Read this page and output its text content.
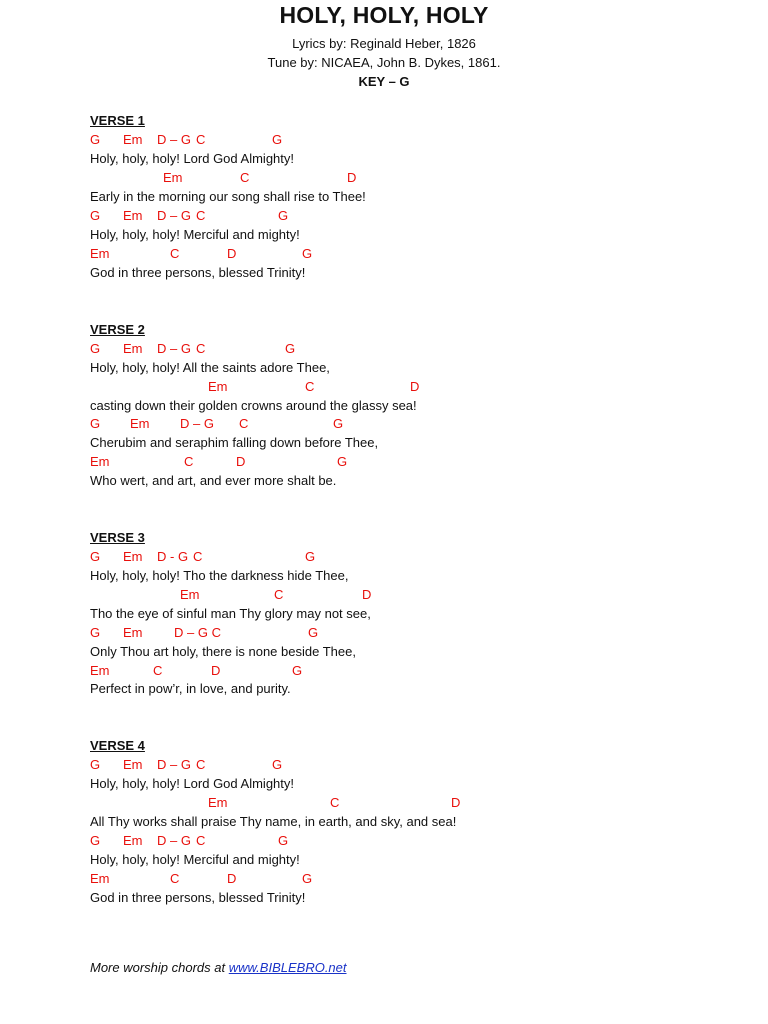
HOLY, HOLY, HOLY
Lyrics by: Reginald Heber, 1826
Tune by: NICAEA, John B. Dykes, 1861.
KEY – G
VERSE 1
G Em D – G C	G
Holy, holy, holy! Lord God Almighty!
Em	C	D
Early in the morning our song shall rise to Thee!
G Em D – G C	G
Holy, holy, holy! Merciful and mighty!
Em	C	D	G
God in three persons, blessed Trinity!
VERSE 2
G Em D – G C	G
Holy, holy, holy! All the saints adore Thee,
Em	C	D
casting down their golden crowns around the glassy sea!
G Em D – G C	G
Cherubim and seraphim falling down before Thee,
Em	C	D	G
Who wert, and art, and ever more shalt be.
VERSE 3
G Em D - G C	G
Holy, holy, holy! Tho the darkness hide Thee,
Em	C	D
Tho the eye of sinful man Thy glory may not see,
G Em D – G C	G
Only Thou art holy, there is none beside Thee,
Em	C	D	G
Perfect in pow’r, in love, and purity.
VERSE 4
G Em D – G C	G
Holy, holy, holy! Lord God Almighty!
Em	C	D
All Thy works shall praise Thy name, in earth, and sky, and sea!
G Em D – G C	G
Holy, holy, holy! Merciful and mighty!
Em	C	D	G
God in three persons, blessed Trinity!
More worship chords at www.BIBLEBRO.net
